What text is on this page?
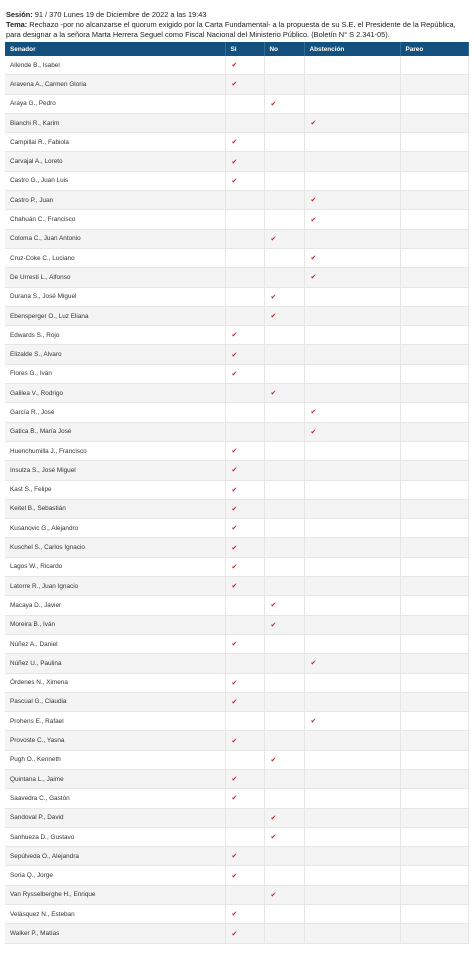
Sesión: 91 / 370 Lunes 19 de Diciembre de 2022 a las 19:43
Tema: Rechazo -por no alcanzarse el quorum exigido por la Carta Fundamental- a la propuesta de su S.E. el Presidente de la República, para designar a la señora Marta Herrera Seguel como Fiscal Nacional del Ministerio Público. (Boletín N° S 2.341-05).
Senador	Si	No	Abstención	Pareo
Allende B., Isabel	✔			
Aravena A., Carmen Gloria	✔			
Araya G., Pedro		✔		
Bianchi R., Karim			✔	
Campillai R., Fabiola	✔			
Carvajal A., Loreto	✔			
Castro G., Juan Luis	✔			
Castro P., Juan			✔	
Chahuán C., Francisco			✔	
Coloma C., Juan Antonio		✔		
Cruz-Coke C., Luciano			✔	
De Urresti L., Alfonso			✔	
Durana S., José Miguel		✔		
Ebensperger O., Luz Eliana		✔		
Edwards S., Rojo	✔			
Elizalde S., Alvaro	✔			
Flores G., Iván	✔			
Galilea V., Rodrigo		✔		
García R., José			✔	
Gatica B., María José			✔	
Huenchumilla J., Francisco	✔			
Insulza S., José Miguel	✔			
Kast S., Felipe	✔			
Keitel B., Sebastián	✔			
Kusanovic G., Alejandro	✔			
Kuschel S., Carlos Ignacio	✔			
Lagos W., Ricardo	✔			
Latorre R., Juan Ignacio	✔			
Macaya D., Javier		✔		
Moreira B., Iván		✔		
Núñez A., Daniel	✔			
Núñez U., Paulina			✔	
Órdenes N., Ximena	✔			
Pascual G., Claudia	✔			
Prohens E., Rafael			✔	
Provoste C., Yasna	✔			
Pugh O., Kenneth		✔		
Quintana L., Jaime	✔			
Saavedra C., Gastón	✔			
Sandoval P., David		✔		
Sanhueza D., Gustavo		✔		
Sepúlveda O., Alejandra	✔			
Soria Q., Jorge	✔			
Van Rysselberghe H., Enrique		✔		
Velásquez N., Esteban	✔			
Walker P., Matías	✔			
